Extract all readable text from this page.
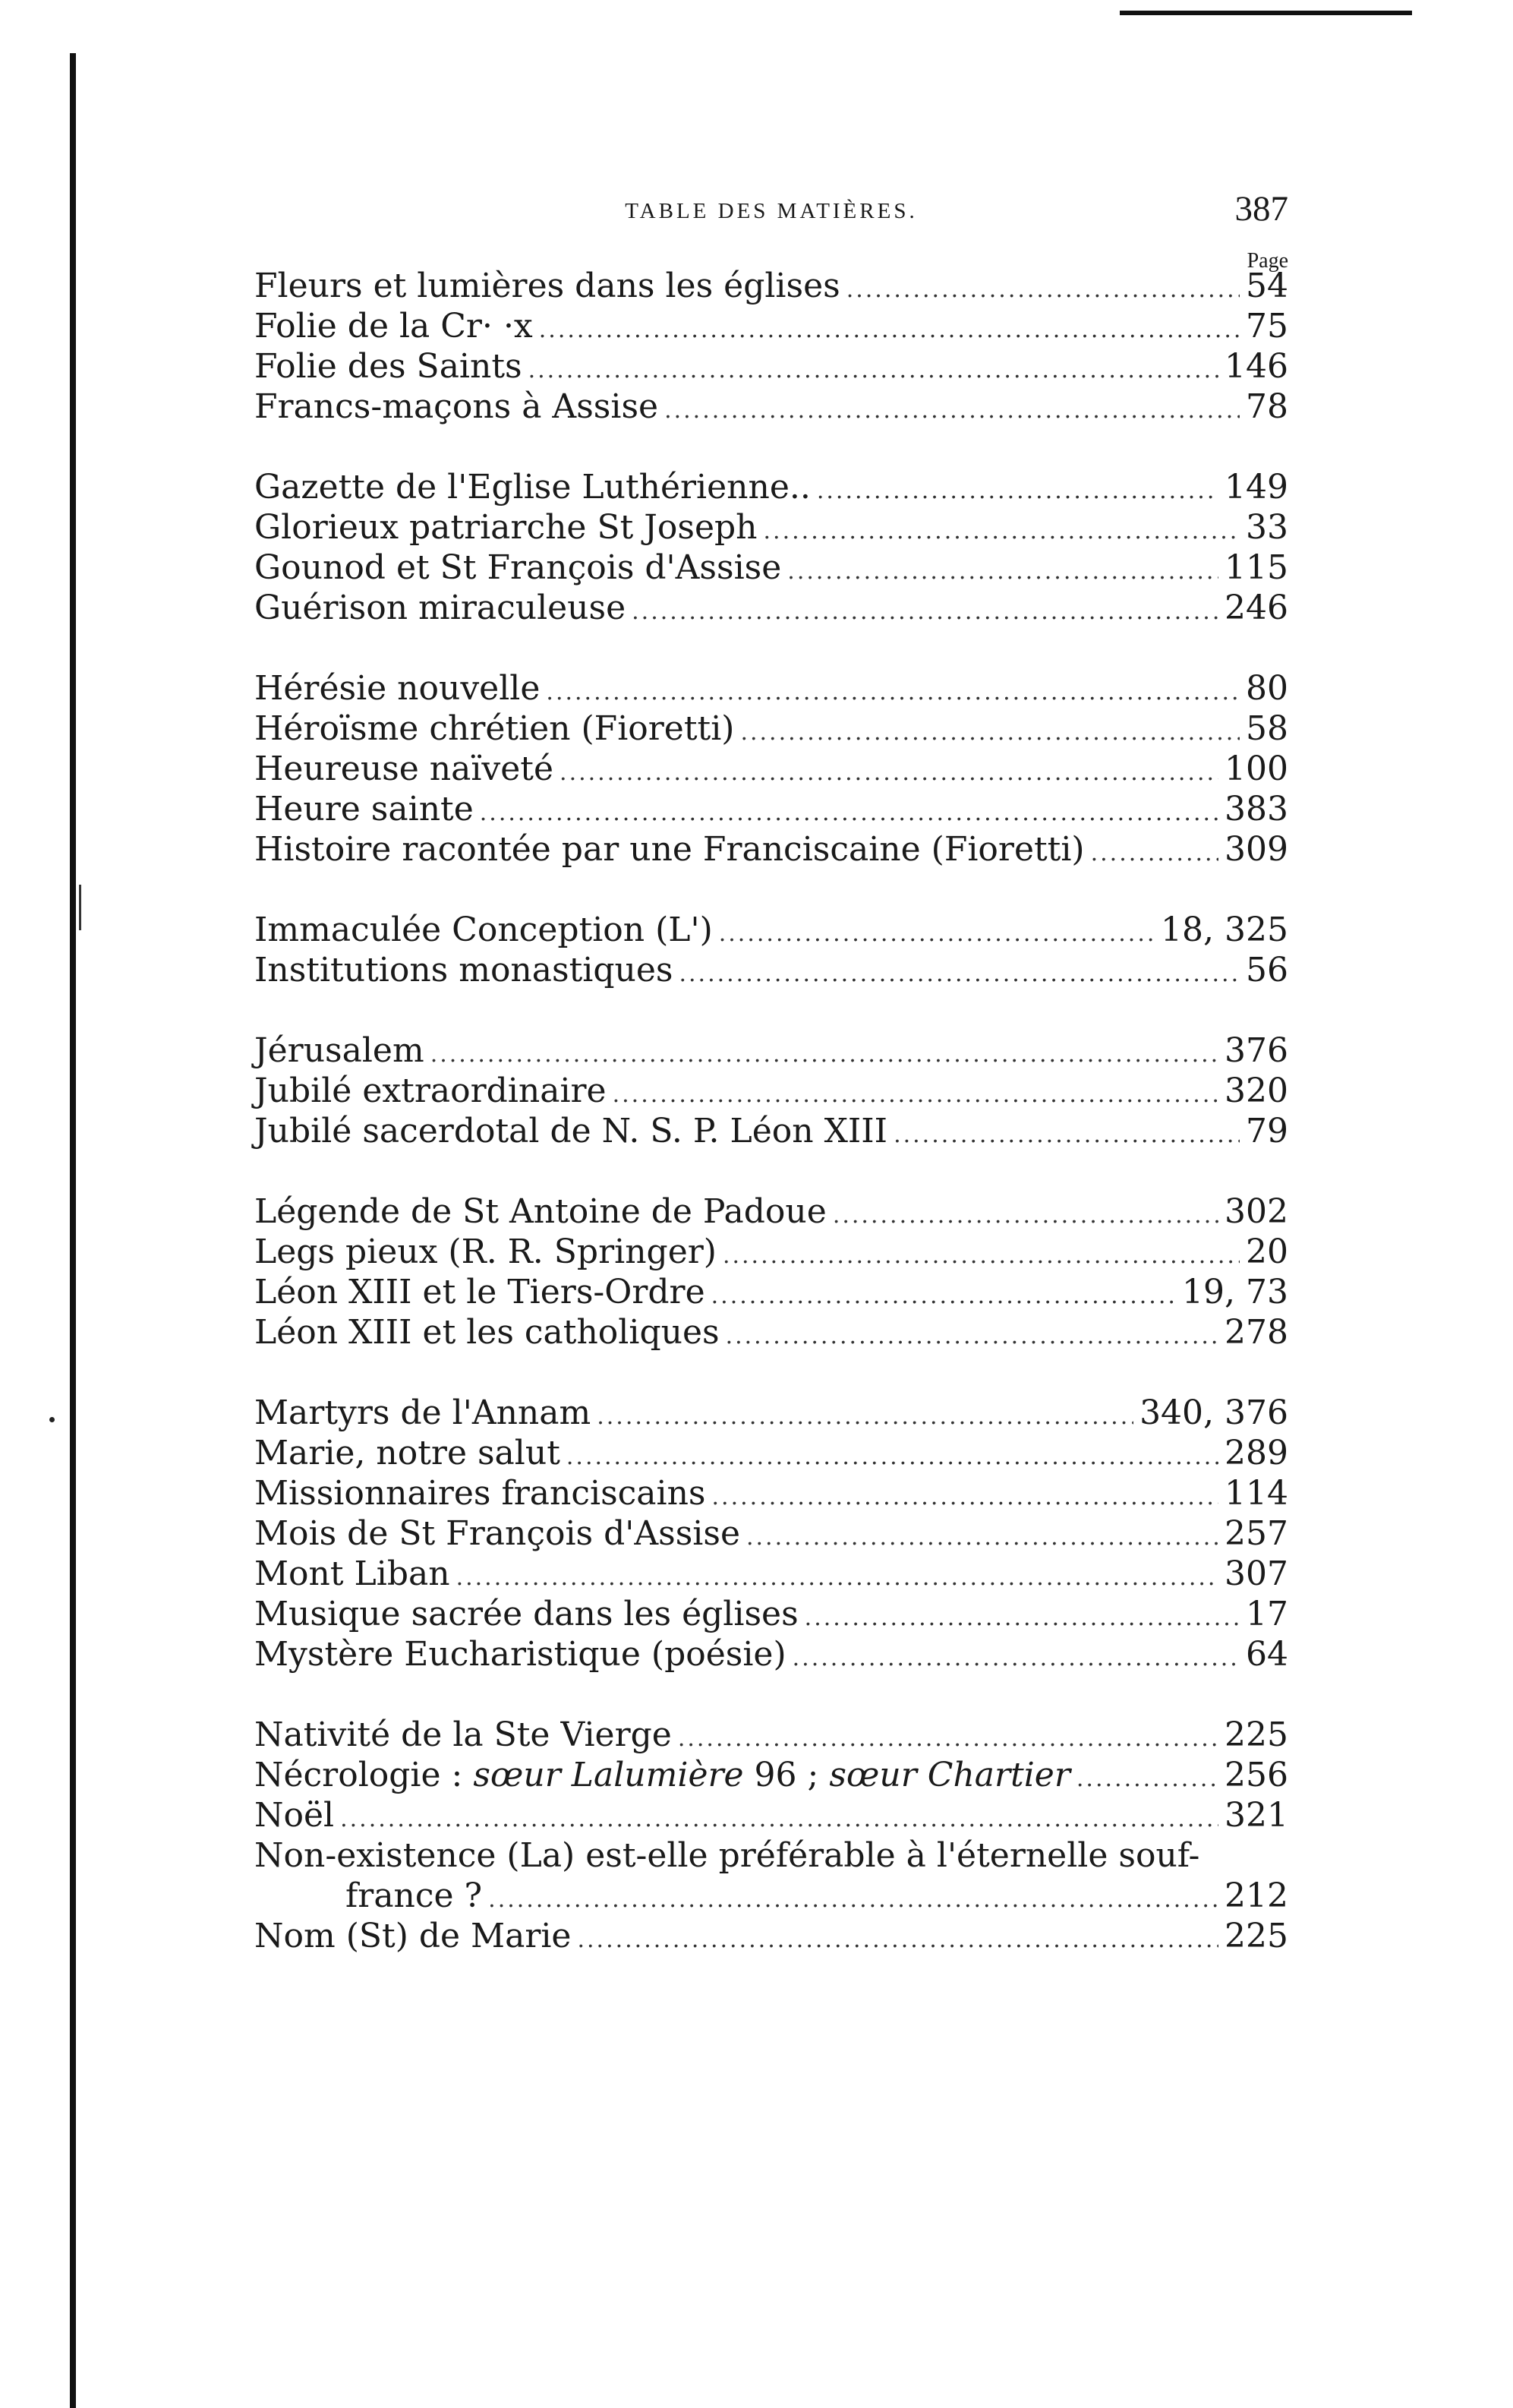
TABLE DES MATIÈRES.	387
Page
Fleurs et lumières dans les églises .....	54
Folie de la Cr· ·x .....	75
Folie des Saints .....	146
Francs-maçons à Assise .....	78
Gazette de l'Eglise Luthérienne.. .....	149
Glorieux patriarche St Joseph .....	33
Gounod et St François d'Assise .....	115
Guérison miraculeuse .....	246
Hérésie nouvelle .....	80
Héroïsme chrétien (Fioretti) .....	58
Heureuse naïveté .....	100
Heure sainte .....	383
Histoire racontée par une Franciscaine (Fioretti) .....	309
Immaculée Conception (L') .....	18, 325
Institutions monastiques .....	56
Jérusalem .....	376
Jubilé extraordinaire .....	320
Jubilé sacerdotal de N. S. P. Léon XIII .....	79
Légende de St Antoine de Padoue .....	302
Legs pieux (R. R. Springer) .....	20
Léon XIII et le Tiers-Ordre .....	19, 73
Léon XIII et les catholiques .....	278
Martyrs de l'Annam .....	340, 376
Marie, notre salut .....	289
Missionnaires franciscains .....	114
Mois de St François d'Assise .....	257
Mont Liban .....	307
Musique sacrée dans les églises .....	17
Mystère Eucharistique (poésie) .....	64
Nativité de la Ste Vierge .....	225
Nécrologie : sœur Lalumière 96 ; sœur Chartier .....	256
Noël .....	321
Non-existence (La) est-elle préférable à l'éternelle souf-
france ? .....	212
Nom (St) de Marie .....	225
